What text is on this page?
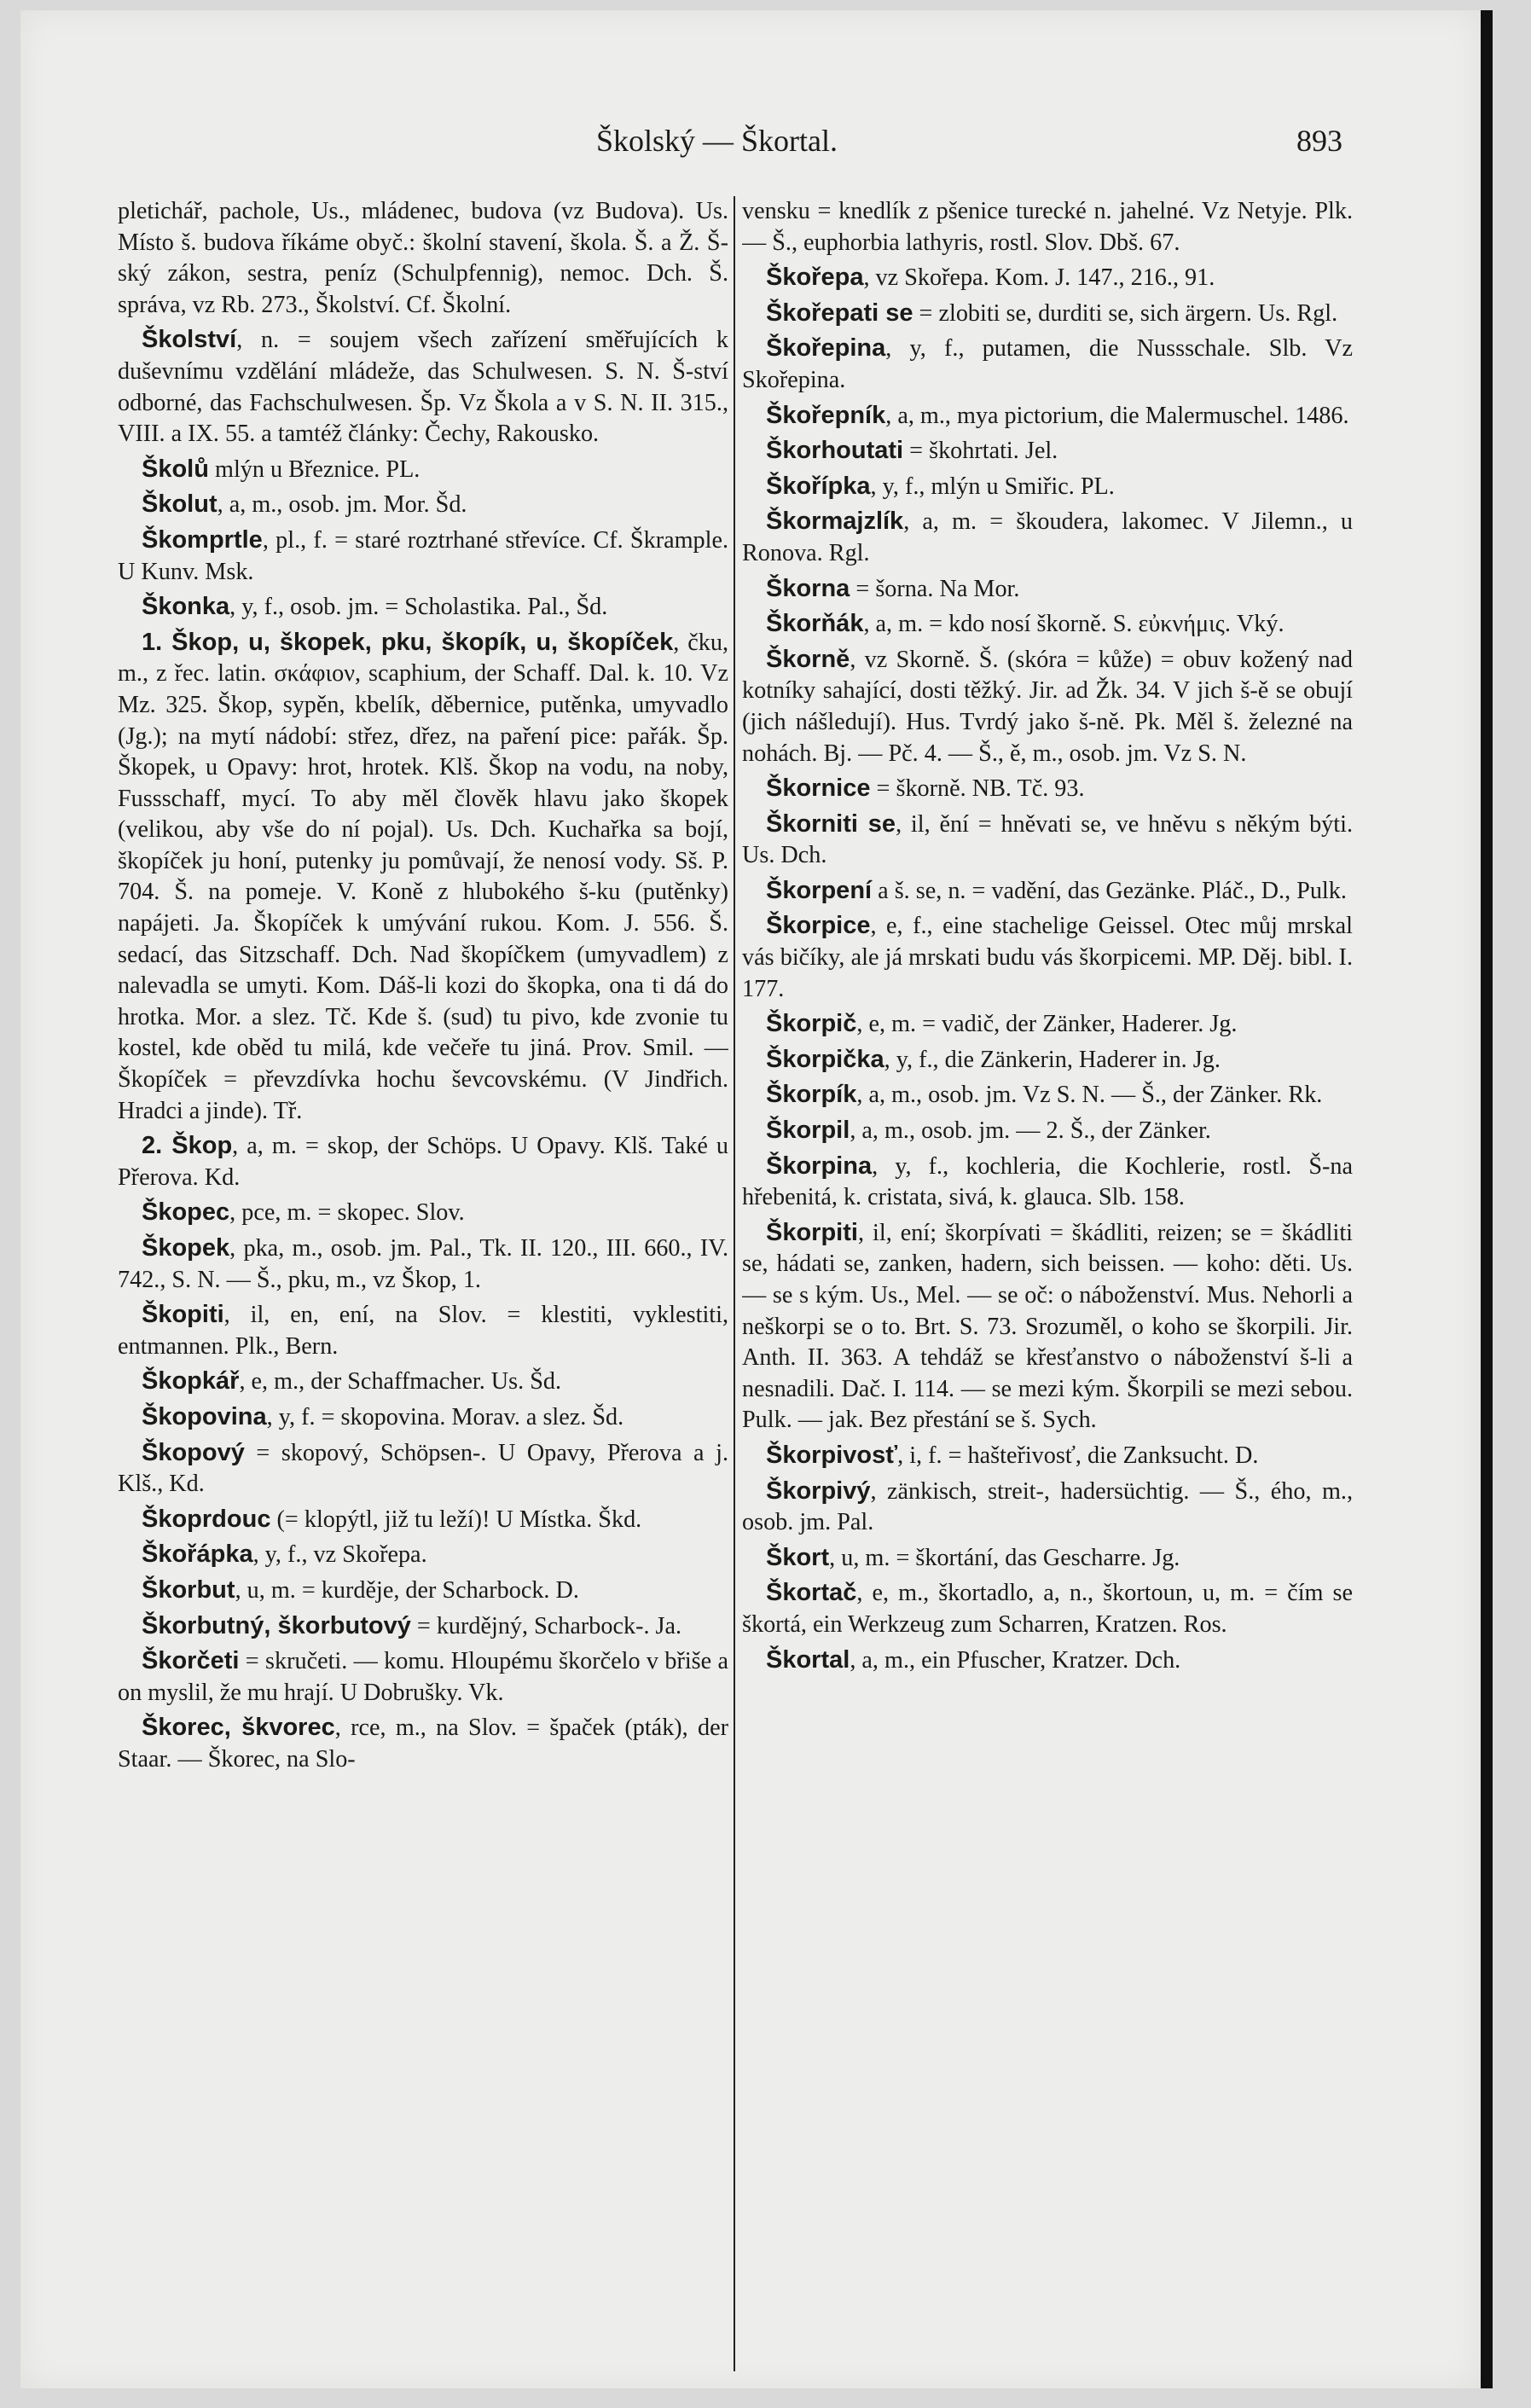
Školský — Škortal.	893

pletichář, pachole, Us., mládenec, budova (vz Budova). Us. Místo š. budova říkáme obyč.: školní stavení, škola. Š. a Ž. Š-ský zákon, sestra, peníz (Schulpfennig), nemoc. Dch. Š. správa, vz Rb. 273., Školství. Cf. Školní.

Školství, n. = soujem všech zařízení směřujících k duševnímu vzdělání mládeže, das Schulwesen. S. N. Š-ství odborné, das Fachschulwesen. Šp. Vz Škola a v S. N. II. 315., VIII. a IX. 55. a tamtéž články: Čechy, Rakousko.

Školů mlýn u Březnice. PL.

Školut, a, m., osob. jm. Mor. Šd.

Škomprtle, pl., f. = staré roztrhané střevíce. Cf. Škrample. U Kunv. Msk.

Škonka, y, f., osob. jm. = Scholastika. Pal., Šd.

1. Škop, u, škopek, pku, škopík, u, škopíček, čku, m., z řec. latin. σκάφιον, scaphium, der Schaff. Dal. k. 10. Vz Mz. 325. Škop, sypěn, kbelík, děbernice, putěnka, umyvadlo (Jg.); na mytí nádobí: střez, dřez, na paření pice: pařák. Šp. Škopek, u Opavy: hrot, hrotek. Klš. Škop na vodu, na noby, Fussschaff, mycí. To aby měl člověk hlavu jako škopek (velikou, aby vše do ní pojal). Us. Dch. Kuchařka sa bojí, škopíček ju honí, putenky ju pomůvají, že nenosí vody. Sš. P. 704. Š. na pomeje. V. Koně z hlubokého š-ku (putěnky) napájeti. Ja. Škopíček k umývání rukou. Kom. J. 556. Š. sedací, das Sitzschaff. Dch. Nad škopíčkem (umyvadlem) z nalevadla se umyti. Kom. Dáš-li kozi do škopka, ona ti dá do hrotka. Mor. a slez. Tč. Kde š. (sud) tu pivo, kde zvonie tu kostel, kde oběd tu milá, kde večeře tu jiná. Prov. Smil. — Škopíček = převzdívka hochu ševcovskému. (V Jindřich. Hradci a jinde). Tř.

2. Škop, a, m. = skop, der Schöps. U Opavy. Klš. Také u Přerova. Kd.

Škopec, pce, m. = skopec. Slov.

Škopek, pka, m., osob. jm. Pal., Tk. II. 120., III. 660., IV. 742., S. N. — Š., pku, m., vz Škop, 1.

Škopiti, il, en, ení, na Slov. = klestiti, vyklestiti, entmannen. Plk., Bern.

Škopkář, e, m., der Schaffmacher. Us. Šd.

Škopovina, y, f. = skopovina. Morav. a slez. Šd.

Škopový = skopový, Schöpsen-. U Opavy, Přerova a j. Klš., Kd.

Škoprdouc (= klopýtl, již tu leží)! U Místka. Škd.

Škořápka, y, f., vz Skořepa.

Škorbut, u, m. = kurděje, der Scharbock. D.

Škorbutný, škorbutový = kurdějný, Scharbock-. Ja.

Škorčeti = skručeti. — komu. Hloupému škorčelo v břiše a on myslil, že mu hrají. U Dobrušky. Vk.

Škorec, škvorec, rce, m., na Slov. = špaček (pták), der Staar. — Škorec, na Slo-

vensku = knedlík z pšenice turecké n. jahelné. Vz Netyje. Plk. — Š., euphorbia lathyris, rostl. Slov. Dbš. 67.

Škořepa, vz Skořepa. Kom. J. 147., 216., 91.

Škořepati se = zlobiti se, durditi se, sich ärgern. Us. Rgl.

Škořepina, y, f., putamen, die Nussschale. Slb. Vz Skořepina.

Škořepník, a, m., mya pictorium, die Malermuschel. 1486.

Škorhoutati = škohrtati. Jel.

Škořípka, y, f., mlýn u Smiřic. PL.

Škormajzlík, a, m. = škoudera, lakomec. V Jilemn., u Ronova. Rgl.

Škorna = šorna. Na Mor.

Škorňák, a, m. = kdo nosí škorně. S. εὐκνήμις. Vký.

Škorně, vz Skorně. Š. (skóra = kůže) = obuv kožený nad kotníky sahající, dosti těžký. Jir. ad Žk. 34. V jich š-ě se obují (jich nášledují). Hus. Tvrdý jako š-ně. Pk. Měl š. železné na nohách. Bj. — Pč. 4. — Š., ě, m., osob. jm. Vz S. N.

Škornice = škorně. NB. Tč. 93.

Škorniti se, il, ění = hněvati se, ve hněvu s někým býti. Us. Dch.

Škorpení a š. se, n. = vadění, das Gezänke. Pláč., D., Pulk.

Škorpice, e, f., eine stachelige Geissel. Otec můj mrskal vás bičíky, ale já mrskati budu vás škorpicemi. MP. Děj. bibl. I. 177.

Škorpič, e, m. = vadič, der Zänker, Haderer. Jg.

Škorpička, y, f., die Zänkerin, Haderer in. Jg.

Škorpík, a, m., osob. jm. Vz S. N. — Š., der Zänker. Rk.

Škorpil, a, m., osob. jm. — 2. Š., der Zänker.

Škorpina, y, f., kochleria, die Kochlerie, rostl. Š-na hřebenitá, k. cristata, sivá, k. glauca. Slb. 158.

Škorpiti, il, ení; škorpívati = škádliti, reizen; se = škádliti se, hádati se, zanken, hadern, sich beissen. — koho: děti. Us. — se s kým. Us., Mel. — se oč: o náboženství. Mus. Nehorli a neškorpi se o to. Brt. S. 73. Srozuměl, o koho se škorpili. Jir. Anth. II. 363. A tehdáž se křesťanstvo o náboženství š-li a nesnadili. Dač. I. 114. — se mezi kým. Škorpili se mezi sebou. Pulk. — jak. Bez přestání se š. Sych.

Škorpivosť, i, f. = hašteřivosť, die Zanksucht. D.

Škorpivý, zänkisch, streit-, hadersüchtig. — Š., ého, m., osob. jm. Pal.

Škort, u, m. = škortání, das Gescharre. Jg.

Škortač, e, m., škortadlo, a, n., škortoun, u, m. = čím se škortá, ein Werkzeug zum Scharren, Kratzen. Ros.

Škortal, a, m., ein Pfuscher, Kratzer. Dch.
